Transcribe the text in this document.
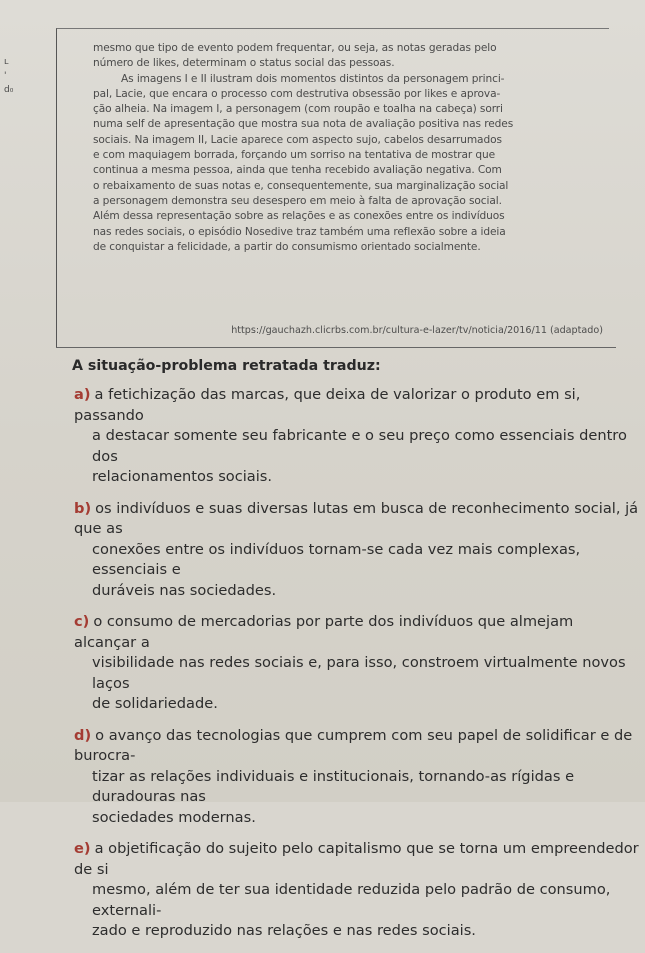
ʟ
'
d₀

mesmo que tipo de evento podem frequentar, ou seja, as notas geradas pelo

número de likes, determinam o status social das pessoas.

As imagens I e II ilustram dois momentos distintos da personagem princi-

pal, Lacie, que encara o processo com destrutiva obsessão por likes e aprova-

ção alheia. Na imagem I, a personagem (com roupão e toalha na cabeça) sorri

numa self de apresentação que mostra sua nota de avaliação positiva nas redes

sociais. Na imagem II, Lacie aparece com aspecto sujo, cabelos desarrumados

e com maquiagem borrada, forçando um sorriso na tentativa de mostrar que

continua a mesma pessoa, ainda que tenha recebido avaliação negativa. Com

o rebaixamento de suas notas e, consequentemente, sua marginalização social

a personagem demonstra seu desespero em meio à falta de aprovação social.

Além dessa representação sobre as relações e as conexões entre os indivíduos

nas redes sociais, o episódio Nosedive traz também uma reflexão sobre a ideia

de conquistar a felicidade, a partir do consumismo orientado socialmente.

https://gauchazh.clicrbs.com.br/cultura-e-lazer/tv/noticia/2016/11 (adaptado)
A situação-problema retratada traduz:
a) a fetichização das marcas, que deixa de valorizar o produto em si, passando
a destacar somente seu fabricante e o seu preço como essenciais dentro dos
relacionamentos sociais.
b) os indivíduos e suas diversas lutas em busca de reconhecimento social, já que as
conexões entre os indivíduos tornam-se cada vez mais complexas, essenciais e
duráveis nas sociedades.
c) o consumo de mercadorias por parte dos indivíduos que almejam alcançar a
visibilidade nas redes sociais e, para isso, constroem virtualmente novos laços
de solidariedade.
d) o avanço das tecnologias que cumprem com seu papel de solidificar e de burocra-
tizar as relações individuais e institucionais, tornando-as rígidas e duradouras nas
sociedades modernas.
e) a objetificação do sujeito pelo capitalismo que se torna um empreendedor de si
mesmo, além de ter sua identidade reduzida pelo padrão de consumo, externali-
zado e reproduzido nas relações e nas redes sociais.
